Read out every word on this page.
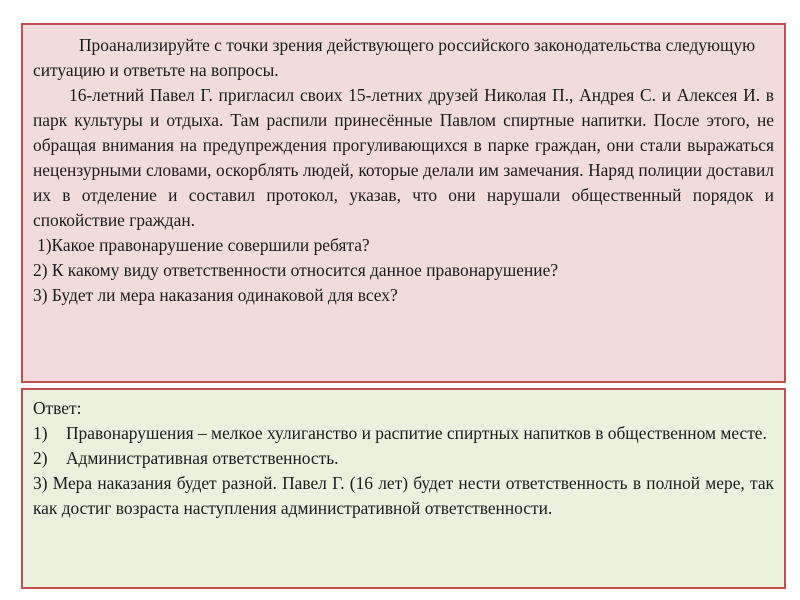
Проанализируйте с точки зрения действующего российского законодательства следующую ситуацию и ответьте на вопросы.

16-летний Павел Г. пригласил своих 15-летних друзей Николая П., Андрея С. и Алексея И. в парк культуры и отдыха. Там распили принесённые Павлом спиртные напитки. После этого, не обращая внимания на предупреждения прогуливающихся в парке граждан, они стали выражаться нецензурными словами, оскорблять людей, которые делали им замечания. Наряд полиции доставил их в отделение и составил протокол, указав, что они нарушали общественный порядок и спокойствие граждан.

1)Какое правонарушение совершили ребята?

2) К какому виду ответственности относится данное правонарушение?

3) Будет ли мера наказания одинаковой для всех?

Ответ:

1) Правонарушения – мелкое хулиганство и распитие спиртных напитков в общественном месте.

2) Административная ответственность.

3) Мера наказания будет разной. Павел Г. (16 лет) будет нести ответственность в полной мере, так как достиг возраста наступления административной ответственности.
